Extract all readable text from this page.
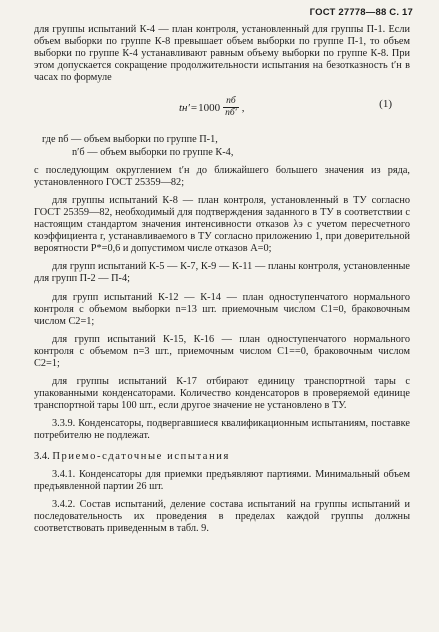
ГОСТ 27778—88 С. 17

для группы испытаний К-4 — план контроля, установленный для группы П-1. Если объем выборки по группе К-8 превышает объем выборки по группе П-1, то объем выборки по группе К-4 устанавливают равным объему выборки по группе К-8. При этом допускается сокращение продолжительности испытания на безотказность t′н в часах по формуле

$tн' = 1000 \frac{nб}{nб'}$ ,	(1)
где nб — объем выборки по группе П-1,
n′б — объем выборки по группе К-4,

с последующим округлением t′н до ближайшего большего значения из ряда, установленного ГОСТ 25359—82;

для группы испытаний К-8 — план контроля, установленный в ТУ согласно ГОСТ 25359—82, необходимый для подтверждения заданного в ТУ в соответствии с настоящим стандартом значения интенсивности отказов λэ с учетом пересчетного коэффициента r, устанавливаемого в ТУ согласно приложению 1, при доверительной вероятности P*=0,6 и допустимом числе отказов A=0;

для групп испытаний К-5 — К-7, К-9 — К-11 — планы контроля, установленные для групп П-2 — П-4;

для групп испытаний К-12 — К-14 — план одноступенчатого нормального контроля с объемом выборки n=13 шт. приемочным числом C1=0, браковочным числом C2=1;

для групп испытаний К-15, К-16 — план одноступенчатого нормального контроля с объемом n=3 шт., приемочным числом C1==0, браковочным числом C2=1;

для группы испытаний К-17 отбирают единицу транспортной тары с упакованными конденсаторами. Количество конденсаторов в проверяемой единице транспортной тары 100 шт., если другое значение не установлено в ТУ.

3.3.9. Конденсаторы, подвергавшиеся квалификационным испытаниям, поставке потребителю не подлежат.

3.4. Приемо-сдаточные испытания

3.4.1. Конденсаторы для приемки предъявляют партиями. Минимальный объем предъявленной партии 26 шт.

3.4.2. Состав испытаний, деление состава испытаний на группы испытаний и последовательность их проведения в пределах каждой группы должны соответствовать приведенным в табл. 9.
